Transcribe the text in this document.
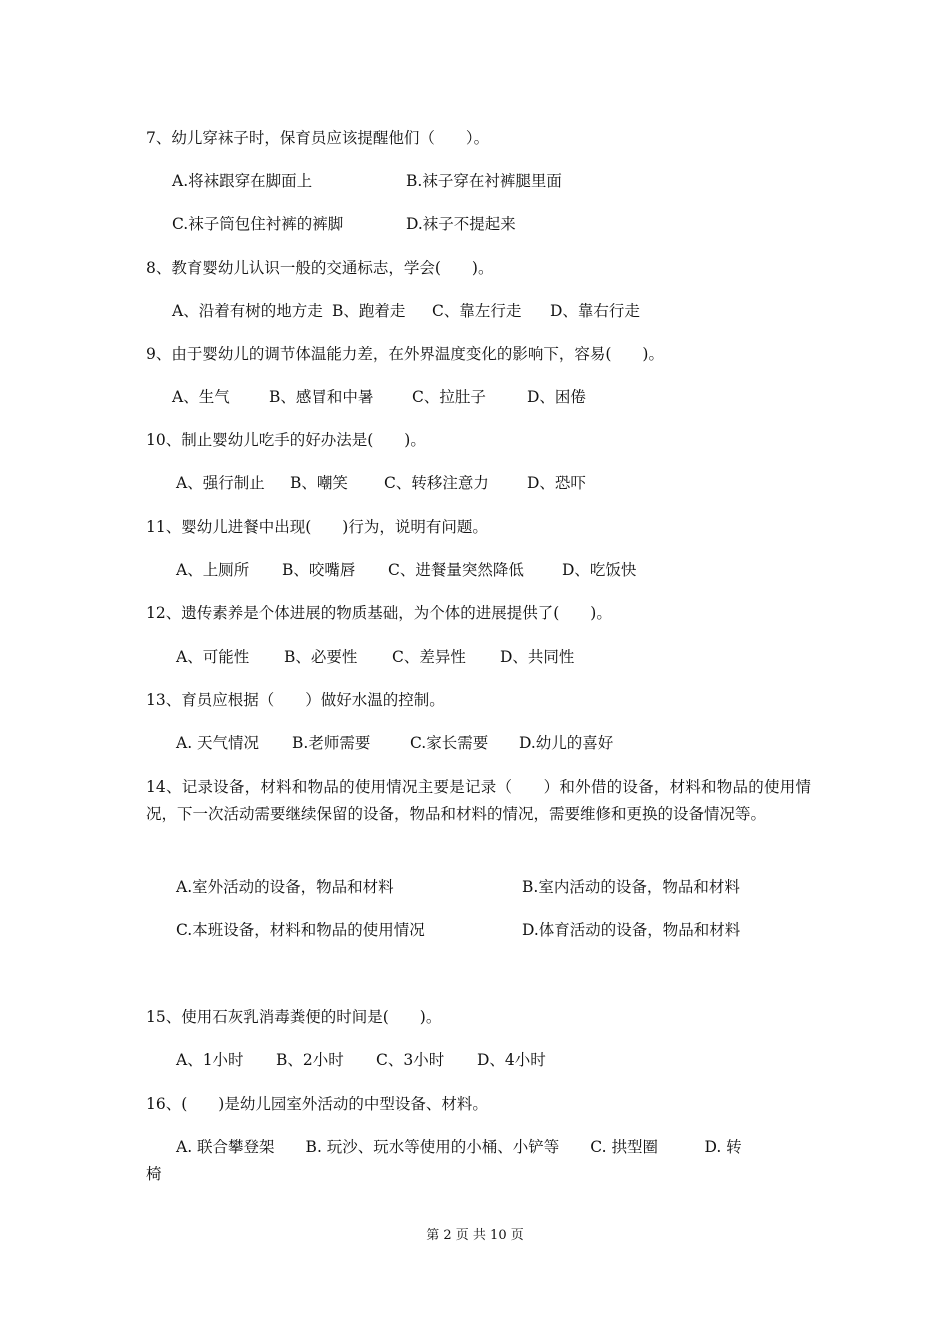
7、幼儿穿袜子时，保育员应该提醒他们（　　）。
A.将袜跟穿在脚面上	B.袜子穿在衬裤腿里面
C.袜子筒包住衬裤的裤脚	D.袜子不提起来
8、教育婴幼儿认识一般的交通标志，学会(　　)。
A、沿着有树的地方走 B、跑着走 C、靠左行走 D、靠右行走
9、由于婴幼儿的调节体温能力差，在外界温度变化的影响下，容易(　　)。
A、生气	B、感冒和中暑 C、拉肚子	D、困倦
10、制止婴幼儿吃手的好办法是(　　)。
A、强行制止 B、嘲笑 C、转移注意力 D、恐吓
11、婴幼儿进餐中出现(　　)行为，说明有问题。
A、上厕所 B、咬嘴唇 C、进餐量突然降低 D、吃饭快
12、遗传素养是个体进展的物质基础，为个体的进展提供了(　　)。
A、可能性 B、必要性 C、差异性 D、共同性
13、育员应根据（　　）做好水温的控制。
A. 天气情况 B.老师需要	C.家长需要 D.幼儿的喜好
14、记录设备，材料和物品的使用情况主要是记录（　　）和外借的设备，材料和物品的使用情况，下一次活动需要继续保留的设备，物品和材料的情况，需要维修和更换的设备情况等。
A.室外活动的设备，物品和材料	B.室内活动的设备，物品和材料
C.本班设备，材料和物品的使用情况	D.体育活动的设备，物品和材料
15、使用石灰乳消毒粪便的时间是(　　)。
A、1小时 B、2小时 C、3小时 D、4小时
16、(　　)是幼儿园室外活动的中型设备、材料。
A. 联合攀登架　　B. 玩沙、玩水等使用的小桶、小铲等　　C. 拱型圈　　　D. 转
椅
第 2 页 共 10 页
